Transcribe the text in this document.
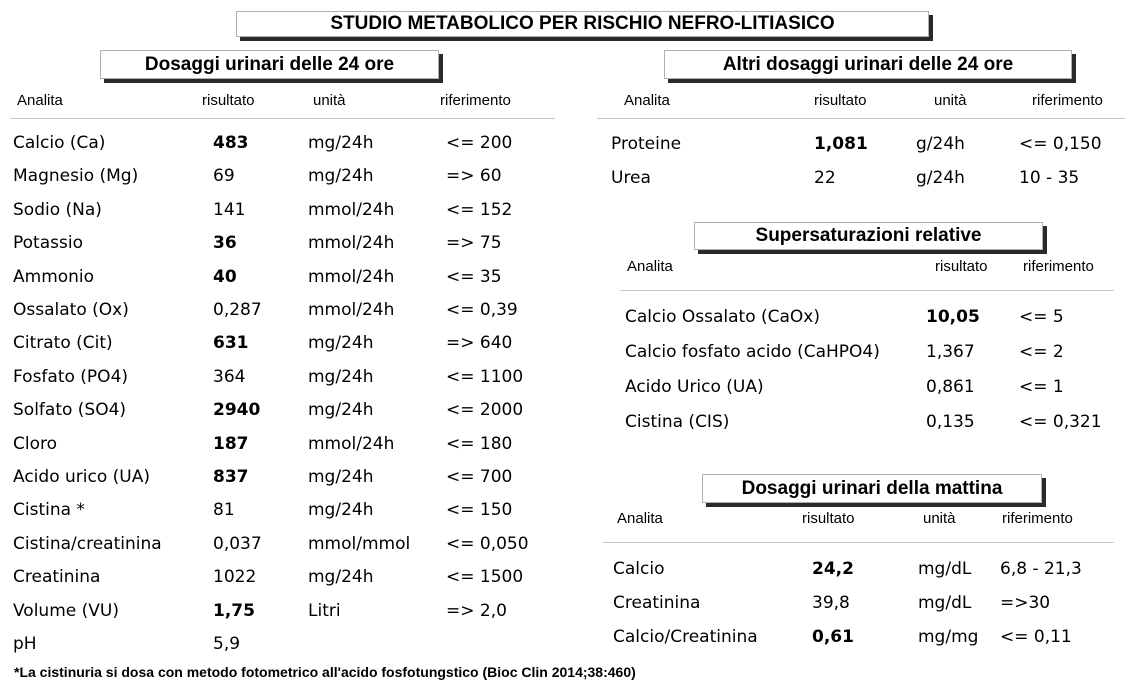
STUDIO METABOLICO PER RISCHIO NEFRO-LITIASICO
Dosaggi urinari delle 24 ore
Analita	risultato	unità	riferimento
Calcio (Ca)	483	mg/24h	<= 200
Magnesio (Mg)	69	mg/24h	=> 60
Sodio (Na)	141	mmol/24h	<= 152
Potassio	36	mmol/24h	=> 75
Ammonio	40	mmol/24h	<= 35
Ossalato (Ox)	0,287	mmol/24h	<= 0,39
Citrato (Cit)	631	mg/24h	=> 640
Fosfato (PO4)	364	mg/24h	<= 1100
Solfato (SO4)	2940	mg/24h	<= 2000
Cloro	187	mmol/24h	<= 180
Acido urico (UA)	837	mg/24h	<= 700
Cistina *	81	mg/24h	<= 150
Cistina/creatinina	0,037	mmol/mmol <= 0,050
Creatinina	1022	mg/24h	<= 1500
Volume (VU)	1,75	Litri	=> 2,0
pH	5,9
Altri dosaggi urinari delle 24 ore
Analita	risultato	unità	riferimento
Proteine	1,081	g/24h	<= 0,150
Urea	22	g/24h	10 - 35
Supersaturazioni relative
Analita	risultato riferimento
Calcio Ossalato (CaOx)	10,05 <= 5
Calcio fosfato acido (CaHPO4)	1,367	<= 2
Acido Urico (UA)	0,861	<= 1
Cistina (CIS)	0,135	<= 0,321
Dosaggi urinari della mattina
Analita	risultato	unità	riferimento
Calcio	24,2	mg/dL 6,8 - 21,3
Creatinina	39,8	mg/dL =>30
Calcio/Creatinina	0,61	mg/mg <= 0,11
*La cistinuria si dosa con metodo fotometrico all'acido fosfotungstico (Bioc Clin 2014;38:460)
